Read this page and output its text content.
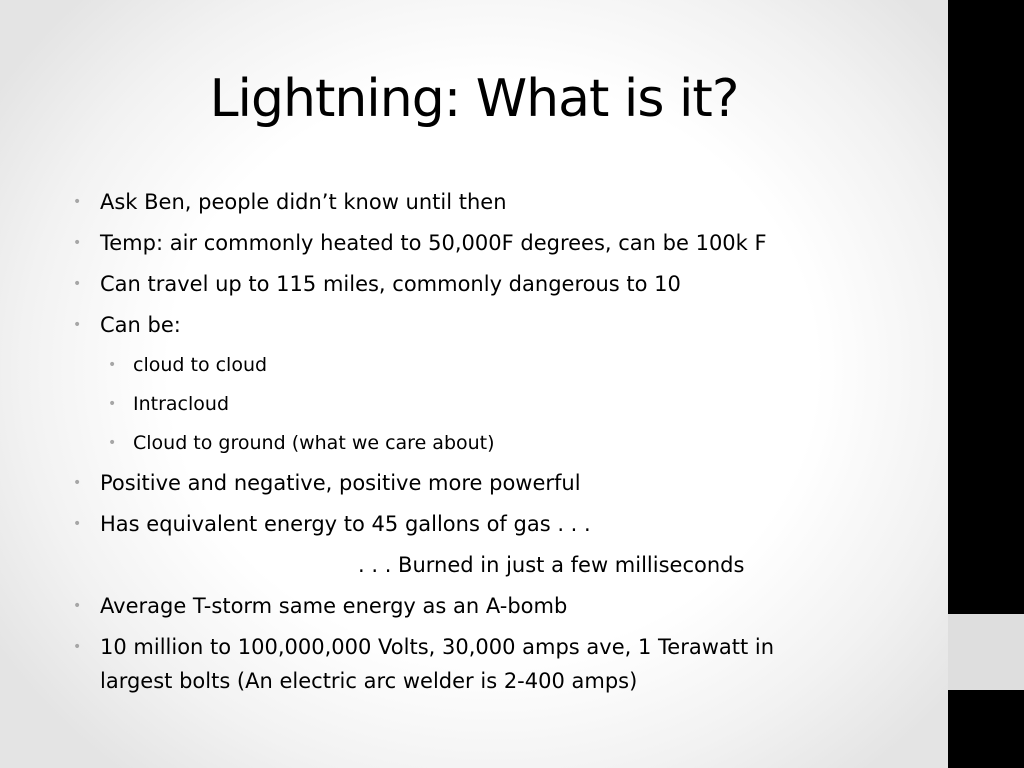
Lightning: What is it?
• Ask Ben, people didn’t know until then
• Temp: air commonly heated to 50,000F degrees, can be 100k F
• Can travel up to 115 miles, commonly dangerous to 10
• Can be:
• cloud to cloud
• Intracloud
• Cloud to ground (what we care about)
• Positive and negative, positive more powerful
• Has equivalent energy to 45 gallons of gas . . .
. . . Burned in just a few milliseconds
• Average T-storm same energy as an A-bomb
• 10 million to 100,000,000 Volts, 30,000 amps ave, 1 Terawatt in
largest bolts (An electric arc welder is 2-400 amps)
